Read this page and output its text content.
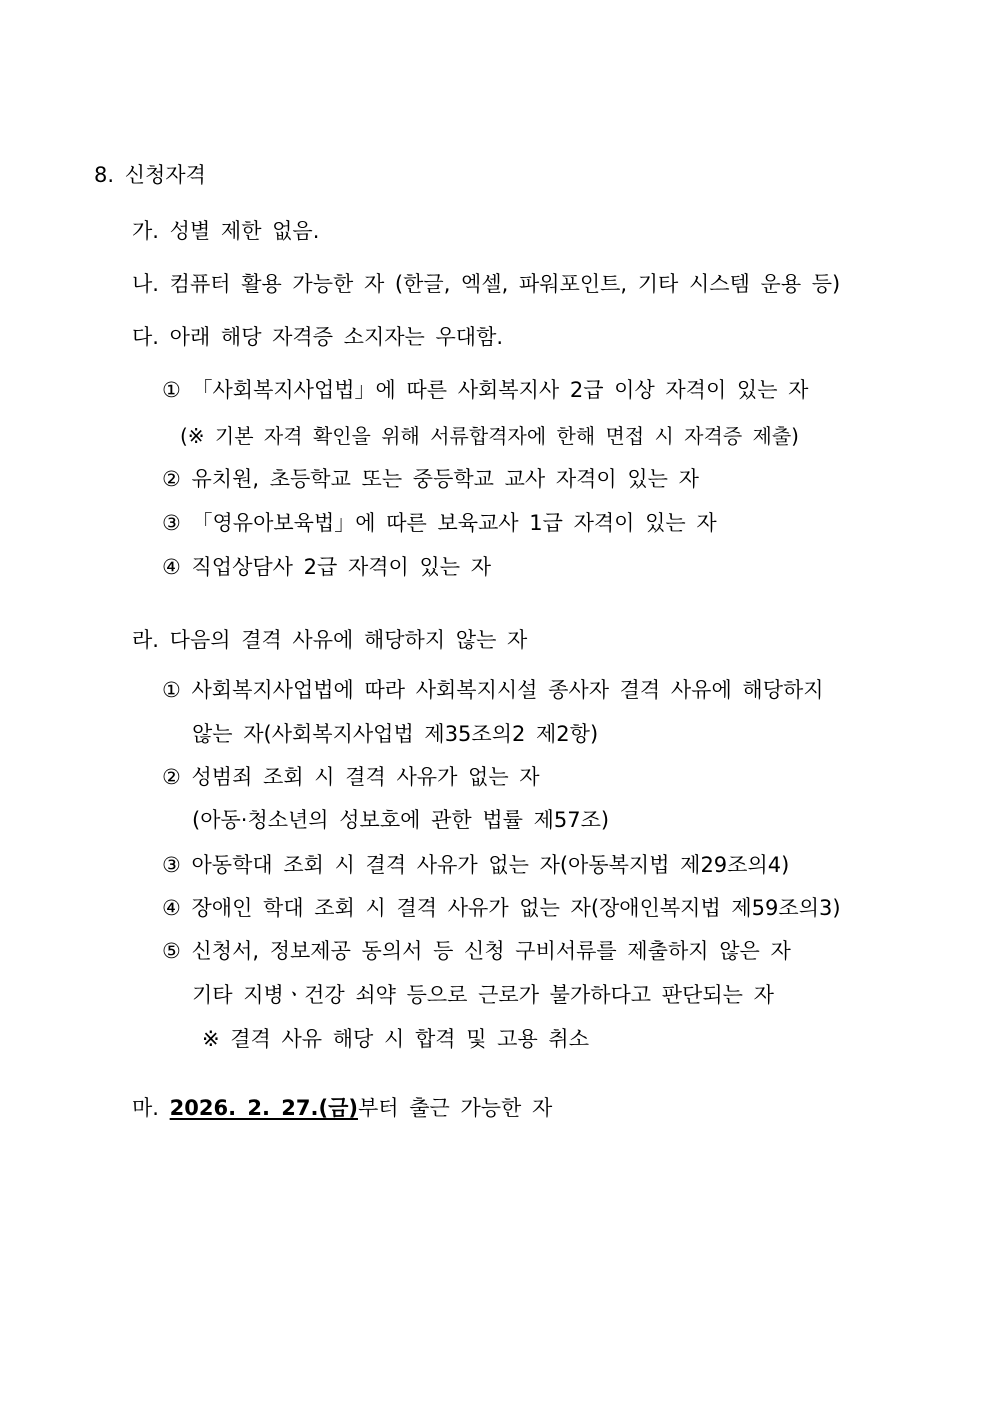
8. 신청자격
가. 성별 제한 없음.
나. 컴퓨터 활용 가능한 자 (한글, 엑셀, 파워포인트, 기타 시스템 운용 등)
다. 아래 해당 자격증 소지자는 우대함.
① 「사회복지사업법」에 따른 사회복지사 2급 이상 자격이 있는 자
(※ 기본 자격 확인을 위해 서류합격자에 한해 면접 시 자격증 제출)
② 유치원, 초등학교 또는 중등학교 교사 자격이 있는 자
③ 「영유아보육법」에 따른 보육교사 1급 자격이 있는 자
④ 직업상담사 2급 자격이 있는 자
라. 다음의 결격 사유에 해당하지 않는 자
① 사회복지사업법에 따라 사회복지시설 종사자 결격 사유에 해당하지
않는 자(사회복지사업법 제35조의2 제2항)
② 성범죄 조회 시 결격 사유가 없는 자
(아동·청소년의 성보호에 관한 법률 제57조)
③ 아동학대 조회 시 결격 사유가 없는 자(아동복지법 제29조의4)
④ 장애인 학대 조회 시 결격 사유가 없는 자(장애인복지법 제59조의3)
⑤ 신청서, 정보제공 동의서 등 신청 구비서류를 제출하지 않은 자
기타 지병ㆍ건강 쇠약 등으로 근로가 불가하다고 판단되는 자
※ 결격 사유 해당 시 합격 및 고용 취소
마. 2026. 2. 27.(금)부터 출근 가능한 자
